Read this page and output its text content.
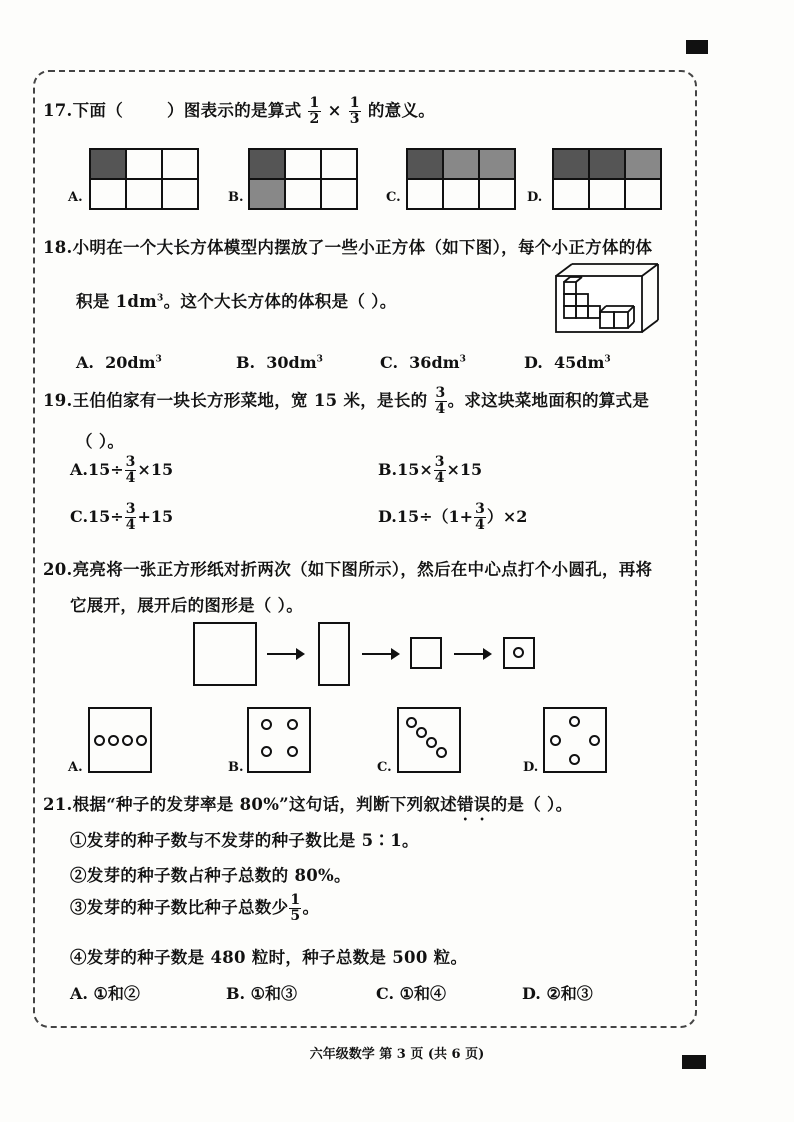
17.下面（	）图表示的是算式 $\frac{1}{2} \times \frac{1}{3}$ 的意义。
A.

			B.

			C.

			D.

18.小明在一个大长方体模型内摆放了一些小正方体（如下图），每个小正方体的体
积是 $1dm^3$。这个大长方体的体积是（ ）。
A. $20dm^3$	B. $30dm^3$	C. $36dm^3$	D. $45dm^3$
19.王伯伯家有一块长方形菜地，宽 15 米，是长的 $\frac{3}{4}$ 。求这块菜地面积的算式是
（ ）。
$A.15\div \frac{3}{4} \times 15$	$B.15\times \frac{3}{4} \times 15$
$C.15\div \frac{3}{4} +15$	$D.15\div(1+ \frac{3}{4} )\times 2$
20.亮亮将一张正方形纸对折两次（如下图所示），然后在中心点打个小圆孔，再将
它展开，展开后的图形是（ ）。
A.	B.	C.	D.
21.根据“种子的发芽率是 80%”这句话，判断下列叙述错误的是（ ）。
①发芽的种子数与不发芽的种子数比是 5∶1。
②发芽的种子数占种子总数的 80%。
③发芽的种子数比种子总数少 $\frac{1}{5}$ 。
④发芽的种子数是 480 粒时，种子总数是 500 粒。
A. ①和②	B. ①和③	C. ①和④	D. ②和③
六年级数学 第 3 页 (共 6 页)
